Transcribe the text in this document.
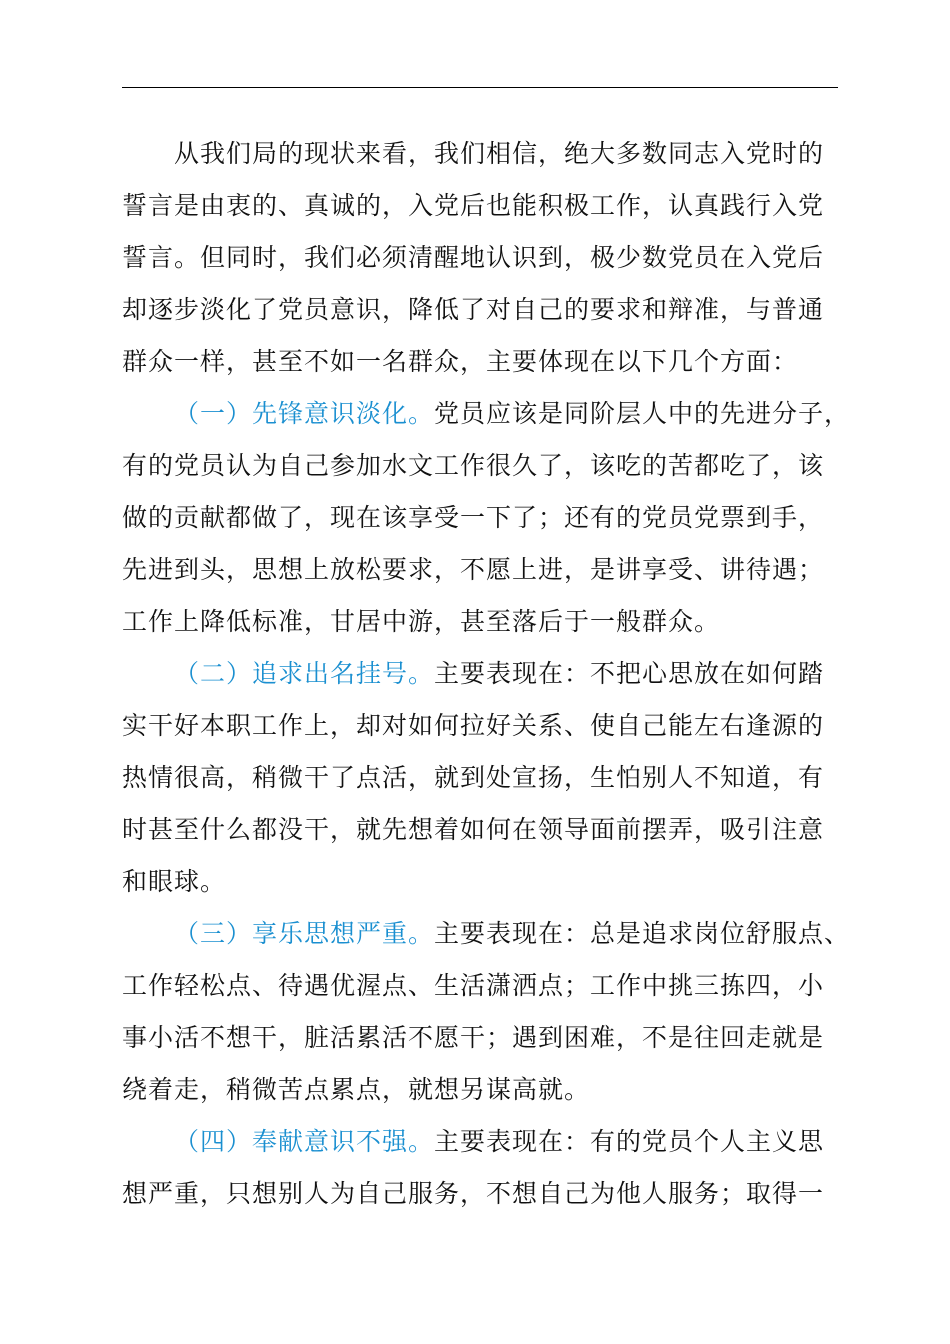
从我们局的现状来看，我们相信，绝大多数同志入党时的
誓言是由衷的、真诚的，入党后也能积极工作，认真践行入党
誓言。但同时，我们必须清醒地认识到，极少数党员在入党后
却逐步淡化了党员意识，降低了对自己的要求和辩准，与普通
群众一样，甚至不如一名群众，主要体现在以下几个方面：

（一）先锋意识淡化。党员应该是同阶层人中的先进分子，
有的党员认为自己参加水文工作很久了，该吃的苦都吃了，该
做的贡献都做了，现在该享受一下了；还有的党员党票到手，
先进到头，思想上放松要求，不愿上进，是讲享受、讲待遇；
工作上降低标准，甘居中游，甚至落后于一般群众。

（二）追求出名挂号。主要表现在：不把心思放在如何踏
实干好本职工作上，却对如何拉好关系、使自己能左右逢源的
热情很高，稍微干了点活，就到处宣扬，生怕别人不知道，有
时甚至什么都没干，就先想着如何在领导面前摆弄，吸引注意
和眼球。

（三）享乐思想严重。主要表现在：总是追求岗位舒服点、
工作轻松点、待遇优渥点、生活潇洒点；工作中挑三拣四，小
事小活不想干，脏活累活不愿干；遇到困难，不是往回走就是
绕着走，稍微苦点累点，就想另谋高就。

（四）奉献意识不强。主要表现在：有的党员个人主义思
想严重，只想别人为自己服务，不想自己为他人服务；取得一
